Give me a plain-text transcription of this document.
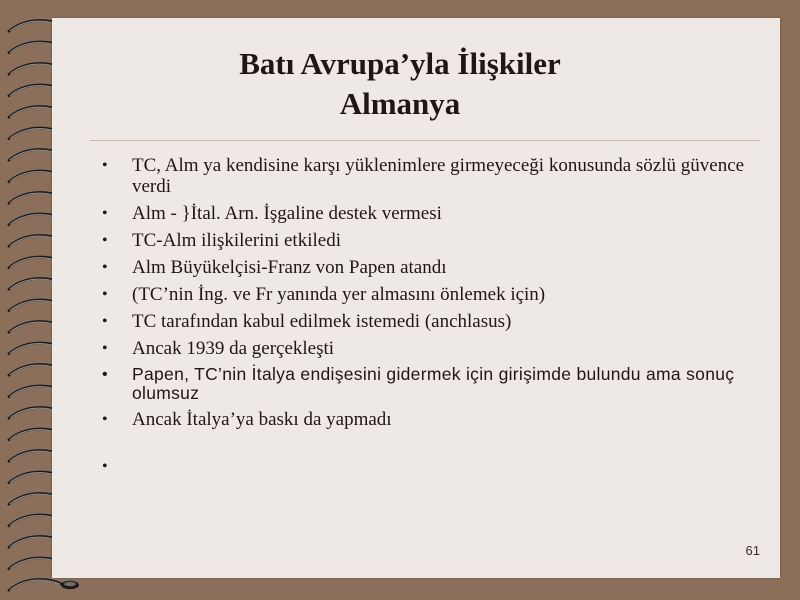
Batı Avrupa’yla İlişkiler
Almanya
• TC, Alm ya kendisine karşı yüklenimlere girmeyeceği konusunda sözlü güvence verdi
• Alm - }İtal. Arn. İşgaline destek vermesi
• TC-Alm ilişkilerini etkiledi
• Alm Büyükelçisi-Franz von Papen atandı
• (TC’nin İng. ve Fr yanında yer almasını önlemek için)
• TC tarafından kabul edilmek istemedi (anchlasus)
• Ancak 1939 da gerçekleşti
• Papen, TC’nin İtalya endişesini gidermek için girişimde bulundu ama sonuç olumsuz
• Ancak İtalya’ya baskı da yapmadı
•
61
